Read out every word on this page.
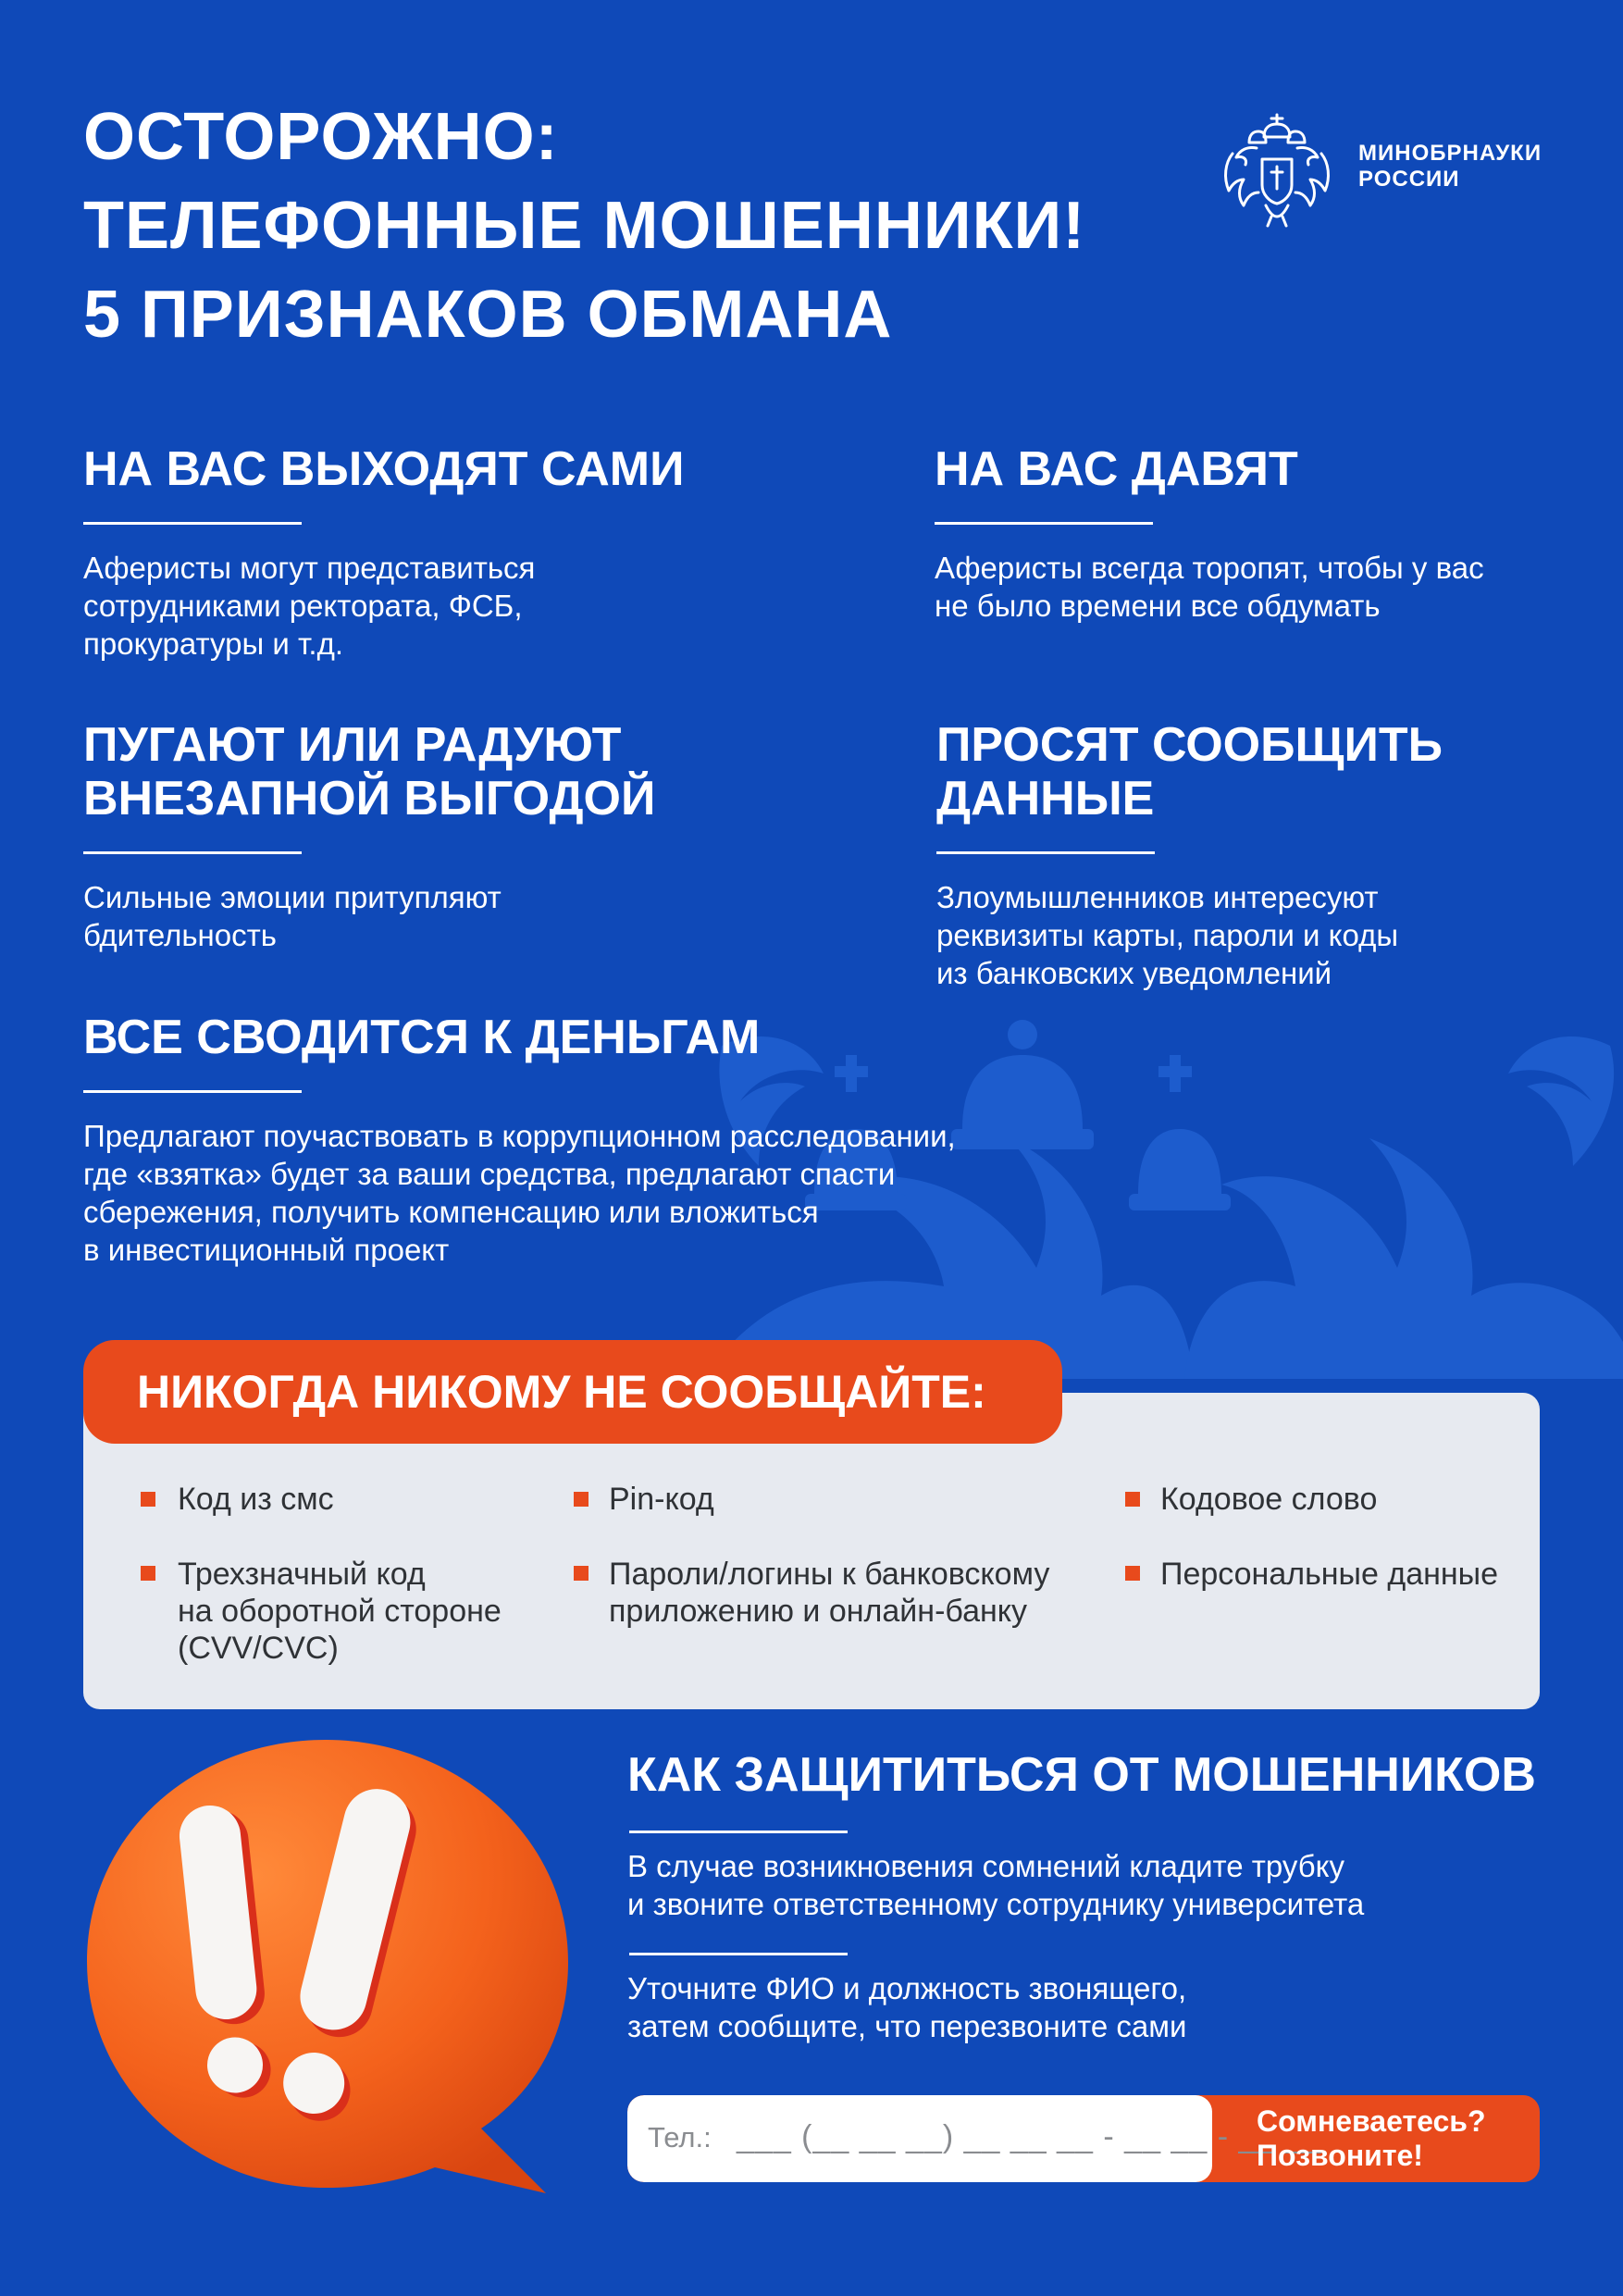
ОСТОРОЖНО:
ТЕЛЕФОННЫЕ МОШЕННИКИ!
5 ПРИЗНАКОВ ОБМАНА
МИНОБРНАУКИ
РОССИИ
НА ВАС ВЫХОДЯТ САМИ

Аферисты могут представиться
сотрудниками ректората, ФСБ,
прокуратуры и т.д.

НА ВАС ДАВЯТ

Аферисты всегда торопят, чтобы у вас
не было времени все обдумать

ПУГАЮТ ИЛИ РАДУЮТ
ВНЕЗАПНОЙ ВЫГОДОЙ

Сильные эмоции притупляют
бдительность

ПРОСЯТ СООБЩИТЬ
ДАННЫЕ

Злоумышленников интересуют
реквизиты карты, пароли и коды
из банковских уведомлений

ВСЕ СВОДИТСЯ К ДЕНЬГАМ

Предлагают поучаствовать в коррупционном расследовании,
где «взятка» будет за ваши средства, предлагают спасти
сбережения, получить компенсацию или вложиться
в инвестиционный проект

НИКОГДА НИКОМУ НЕ СООБЩАЙТЕ:
Код из смс	Pin-код	Кодовое слово
Трехзначный код
на оборотной стороне
(CVV/CVC)
Пароли/логины к банковскому
приложению и онлайн-банку
Персональные данные
КАК ЗАЩИТИТЬСЯ ОТ МОШЕННИКОВ

В случае возникновения сомнений кладите трубку
и звоните ответственному сотруднику университета

Уточните ФИО и должность звонящего,
затем сообщите, что перезвоните сами

Тел.: ___ (__ __ __) __ __ __ - __ __ - __ __
Сомневаетесь?
Позвоните!
